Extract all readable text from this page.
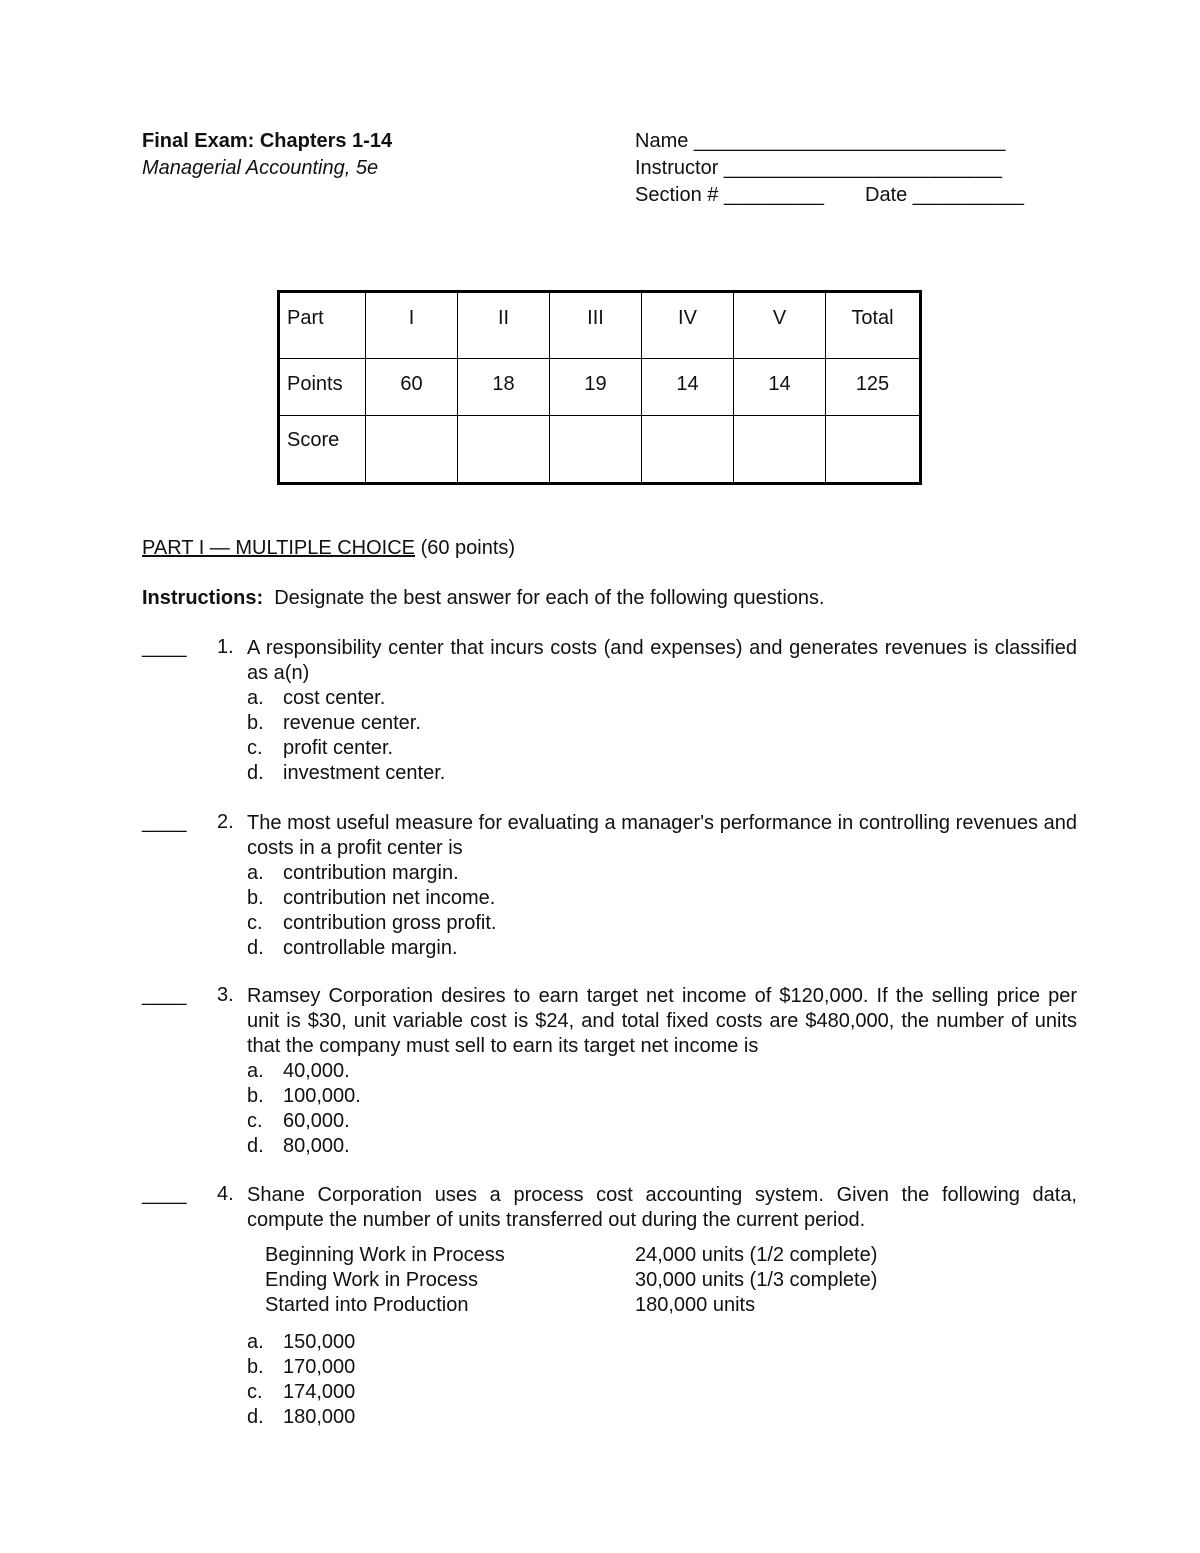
Final Exam: Chapters 1-14
Managerial Accounting, 5e
Name ____________________________
Instructor _________________________
Section # _________ Date __________
Part	I	II	III	IV	V	Total
Points	60	18	19	14	14	125
Score						
PART I — MULTIPLE CHOICE (60 points)
Instructions:  Designate the best answer for each of the following questions.
____ 1. A responsibility center that incurs costs (and expenses) and generates revenues is classified as a(n)
a. cost center.
b. revenue center.
c. profit center.
d. investment center.
____ 2. The most useful measure for evaluating a manager's performance in controlling revenues and costs in a profit center is
a. contribution margin.
b. contribution net income.
c. contribution gross profit.
d. controllable margin.
____ 3. Ramsey Corporation desires to earn target net income of $120,000. If the selling price per unit is $30, unit variable cost is $24, and total fixed costs are $480,000, the number of units that the company must sell to earn its target net income is
a. 40,000.
b. 100,000.
c. 60,000.
d. 80,000.
____ 4. Shane Corporation uses a process cost accounting system. Given the following data, compute the number of units transferred out during the current period.
Beginning Work in Process	24,000 units (1/2 complete)
Ending Work in Process	30,000 units (1/3 complete)
Started into Production	180,000 units
a. 150,000
b. 170,000
c. 174,000
d. 180,000
